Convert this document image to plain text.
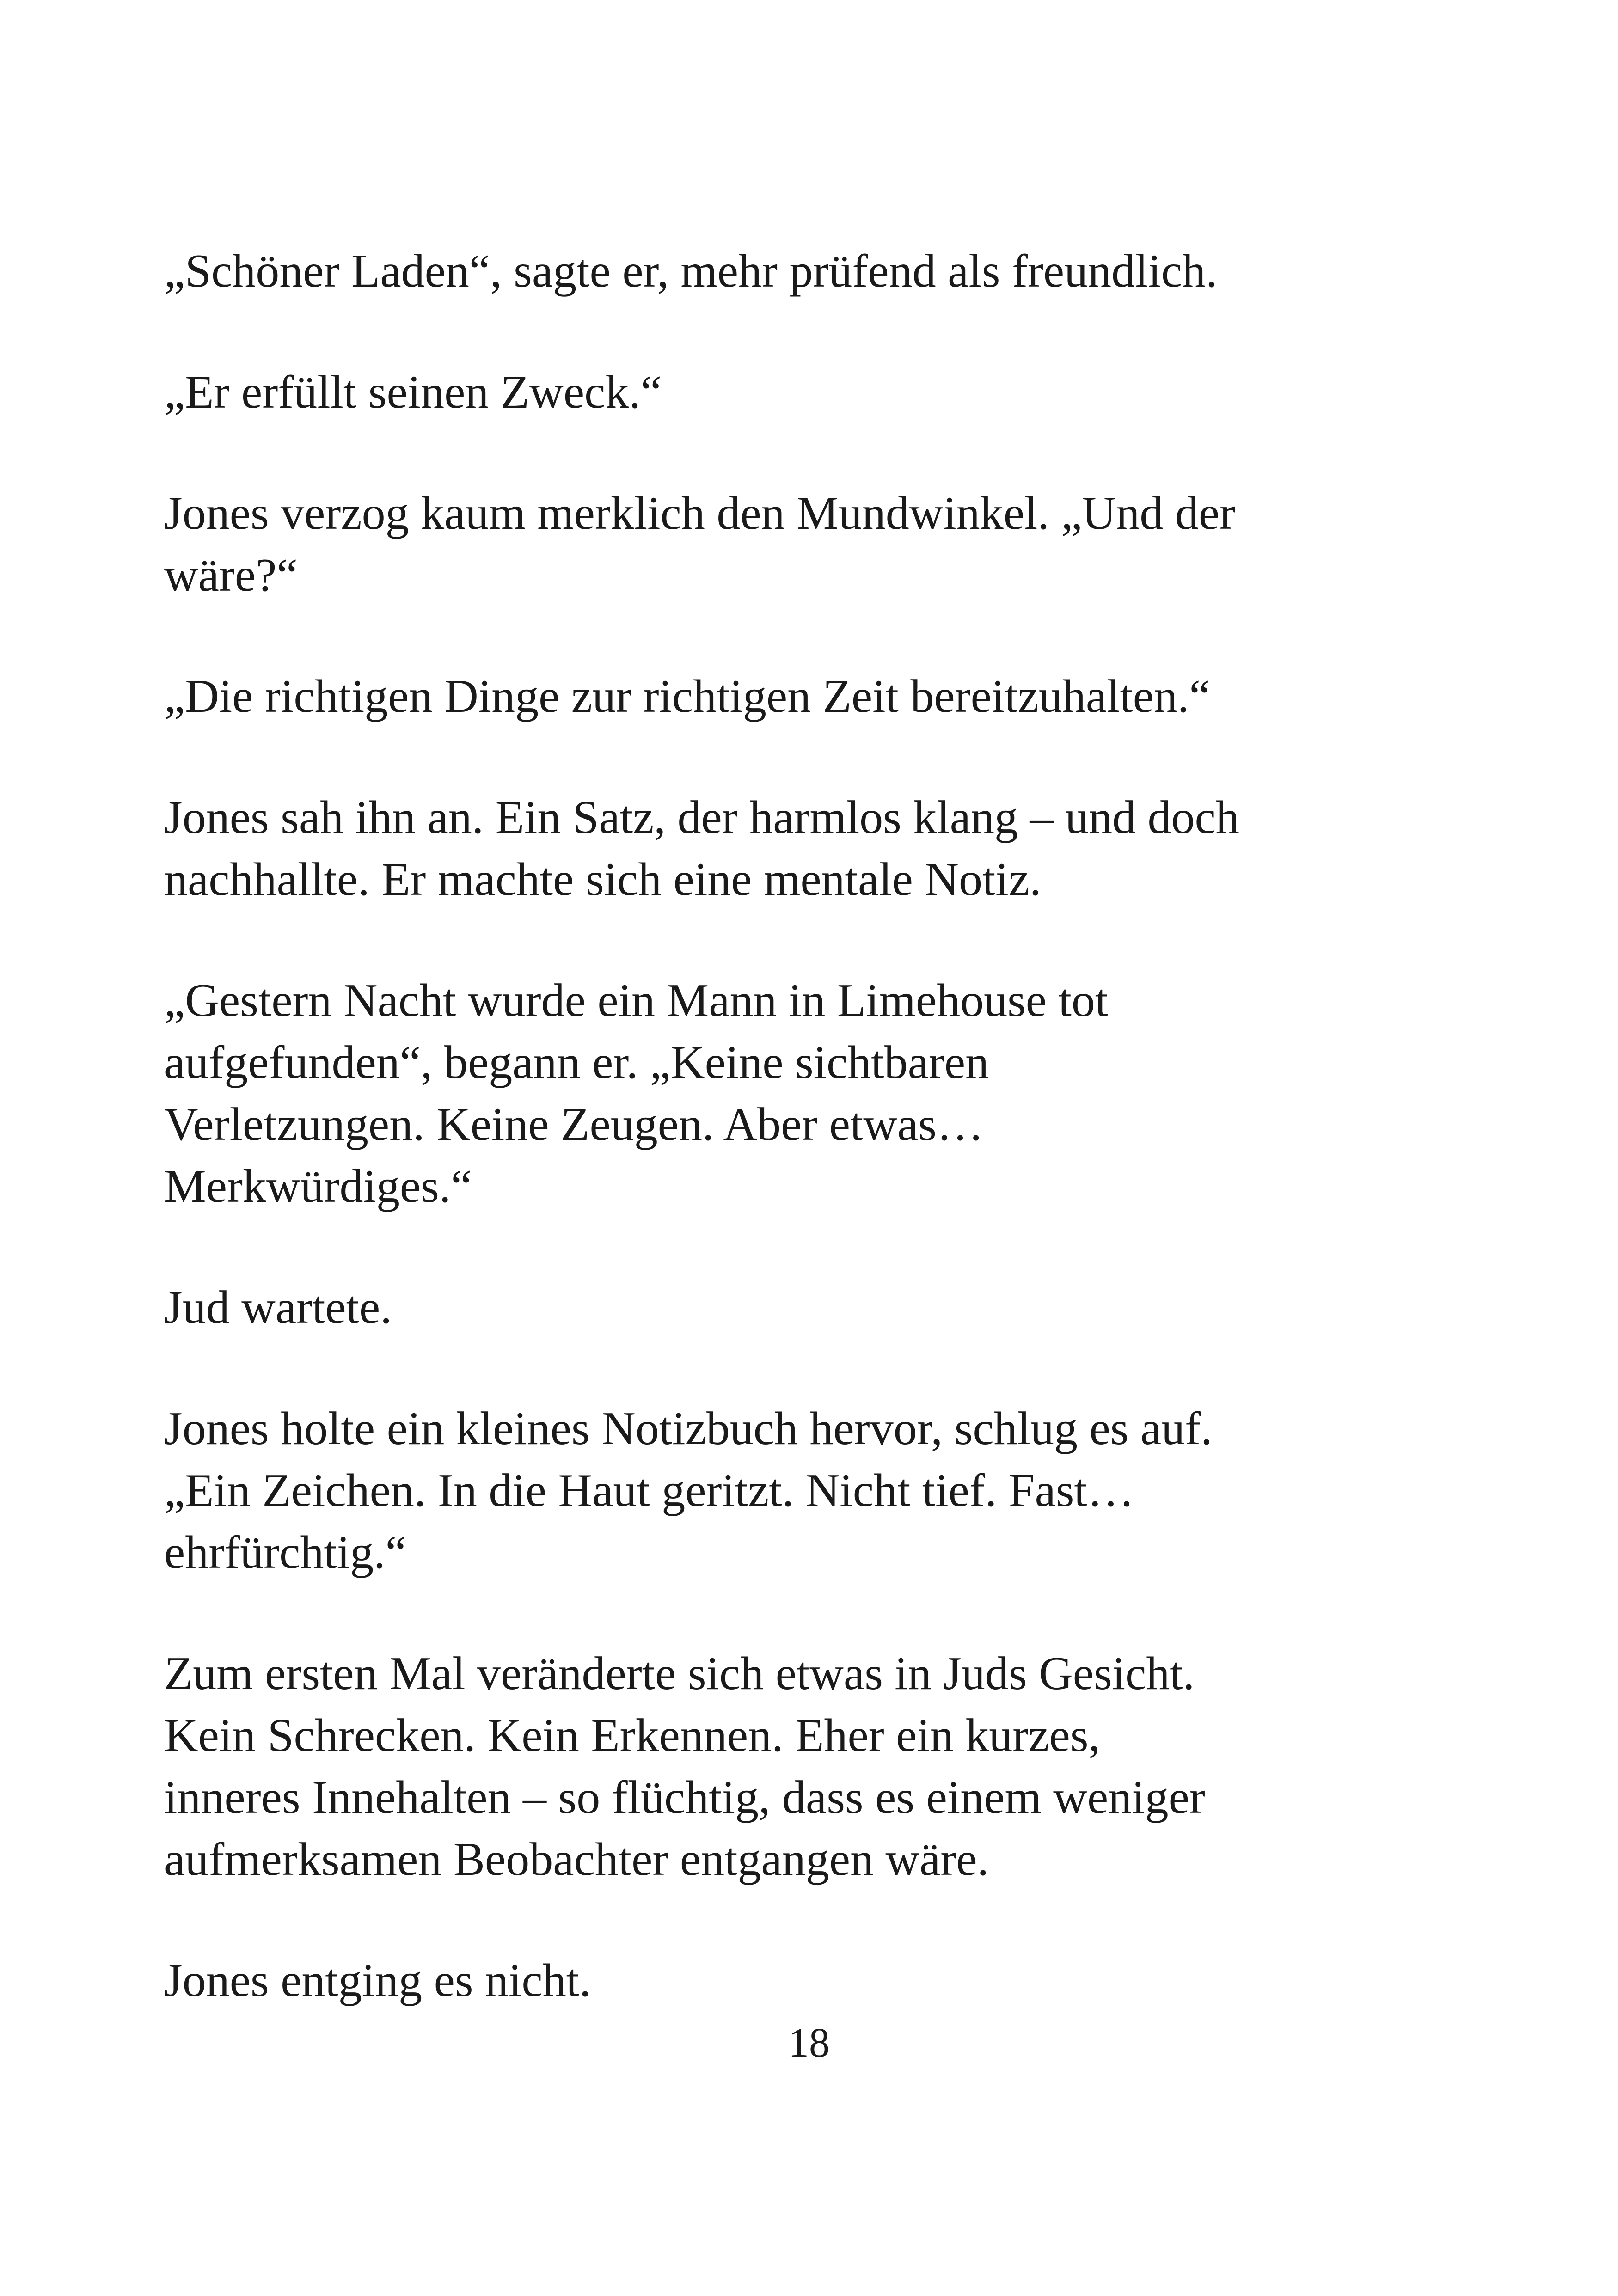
„Schöner Laden“, sagte er, mehr prüfend als freundlich.

„Er erfüllt seinen Zweck.“

Jones verzog kaum merklich den Mundwinkel. „Und der
wäre?“

„Die richtigen Dinge zur richtigen Zeit bereitzuhalten.“

Jones sah ihn an. Ein Satz, der harmlos klang – und doch
nachhallte. Er machte sich eine mentale Notiz.

„Gestern Nacht wurde ein Mann in Limehouse tot
aufgefunden“, begann er. „Keine sichtbaren
Verletzungen. Keine Zeugen. Aber etwas…
Merkwürdiges.“

Jud wartete.

Jones holte ein kleines Notizbuch hervor, schlug es auf.
„Ein Zeichen. In die Haut geritzt. Nicht tief. Fast…
ehrfürchtig.“

Zum ersten Mal veränderte sich etwas in Juds Gesicht.
Kein Schrecken. Kein Erkennen. Eher ein kurzes,
inneres Innehalten – so flüchtig, dass es einem weniger
aufmerksamen Beobachter entgangen wäre.

Jones entging es nicht.

18
